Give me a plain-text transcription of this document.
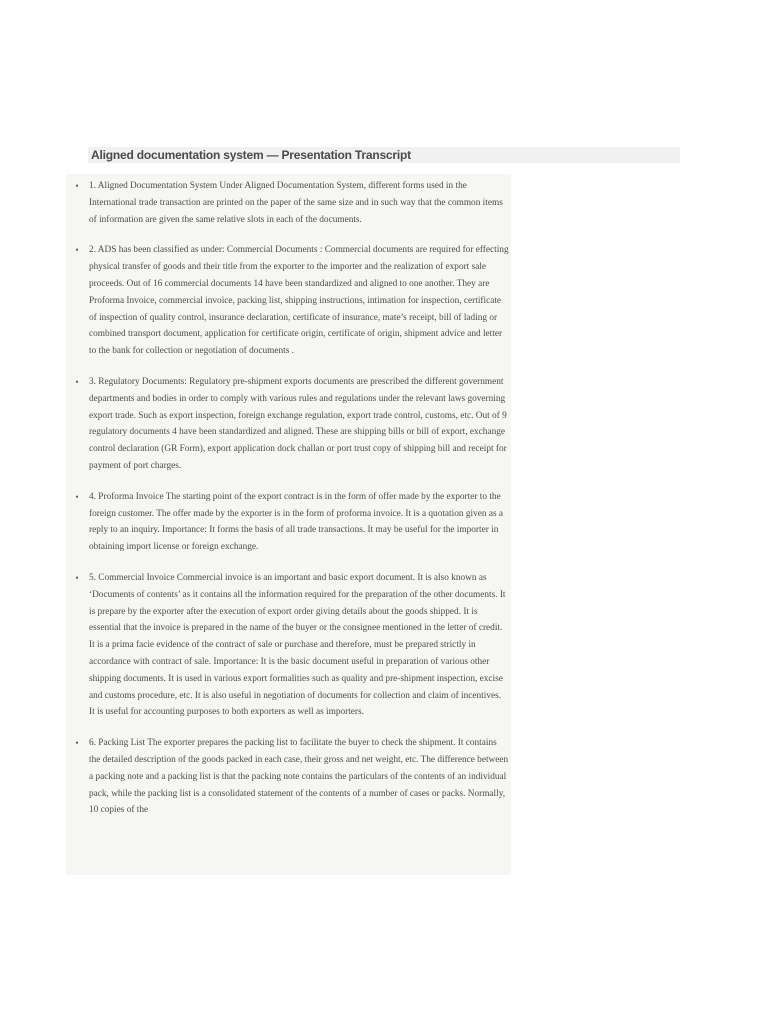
Aligned documentation system — Presentation Transcript
•	1. Aligned Documentation System Under Aligned Documentation System, different forms used in the International trade transaction are printed on the paper of the same size and in such way that the common items of information are given the same relative slots in each of the documents.
•	2. ADS has been classified as under: Commercial Documents : Commercial documents are required for effecting physical transfer of goods and their title from the exporter to the importer and the realization of export sale proceeds. Out of 16 commercial documents 14 have been standardized and aligned to one another. They are Proforma Invoice, commercial invoice, packing list, shipping instructions, intimation for inspection, certificate of inspection of quality control, insurance declaration, certificate of insurance, mate’s receipt, bill of lading or combined transport document, application for certificate origin, certificate of origin, shipment advice and letter to the bank for collection or negotiation of documents .
•	3. Regulatory Documents: Regulatory pre-shipment exports documents are prescribed the different government departments and bodies in order to comply with various rules and regulations under the relevant laws governing export trade. Such as export inspection, foreign exchange regulation, export trade control, customs, etc. Out of 9 regulatory documents 4 have been standardized and aligned. These are shipping bills or bill of export, exchange control declaration (GR Form), export application dock challan or port trust copy of shipping bill and receipt for payment of port charges.
•	4. Proforma Invoice The starting point of the export contract is in the form of offer made by the exporter to the foreign customer. The offer made by the exporter is in the form of proforma invoice. It is a quotation given as a reply to an inquiry. Importance: It forms the basis of all trade transactions. It may be useful for the importer in obtaining import license or foreign exchange.
•	5. Commercial Invoice Commercial invoice is an important and basic export document. It is also known as ‘Documents of contents’ as it contains all the information required for the preparation of the other documents. It is prepare by the exporter after the execution of export order giving details about the goods shipped. It is essential that the invoice is prepared in the name of the buyer or the consignee mentioned in the letter of credit. It is a prima facie evidence of the contract of sale or purchase and therefore, must be prepared strictly in accordance with contract of sale. Importance: It is the basic document useful in preparation of various other shipping documents. It is used in various export formalities such as quality and pre-shipment inspection, excise and customs procedure, etc. It is also useful in negotiation of documents for collection and claim of incentives. It is useful for accounting purposes to both exporters as well as importers.
•	6. Packing List The exporter prepares the packing list to facilitate the buyer to check the shipment. It contains the detailed description of the goods packed in each case, their gross and net weight, etc. The difference between a packing note and a packing list is that the packing note contains the particulars of the contents of an individual pack, while the packing list is a consolidated statement of the contents of a number of cases or packs. Normally, 10 copies of the
